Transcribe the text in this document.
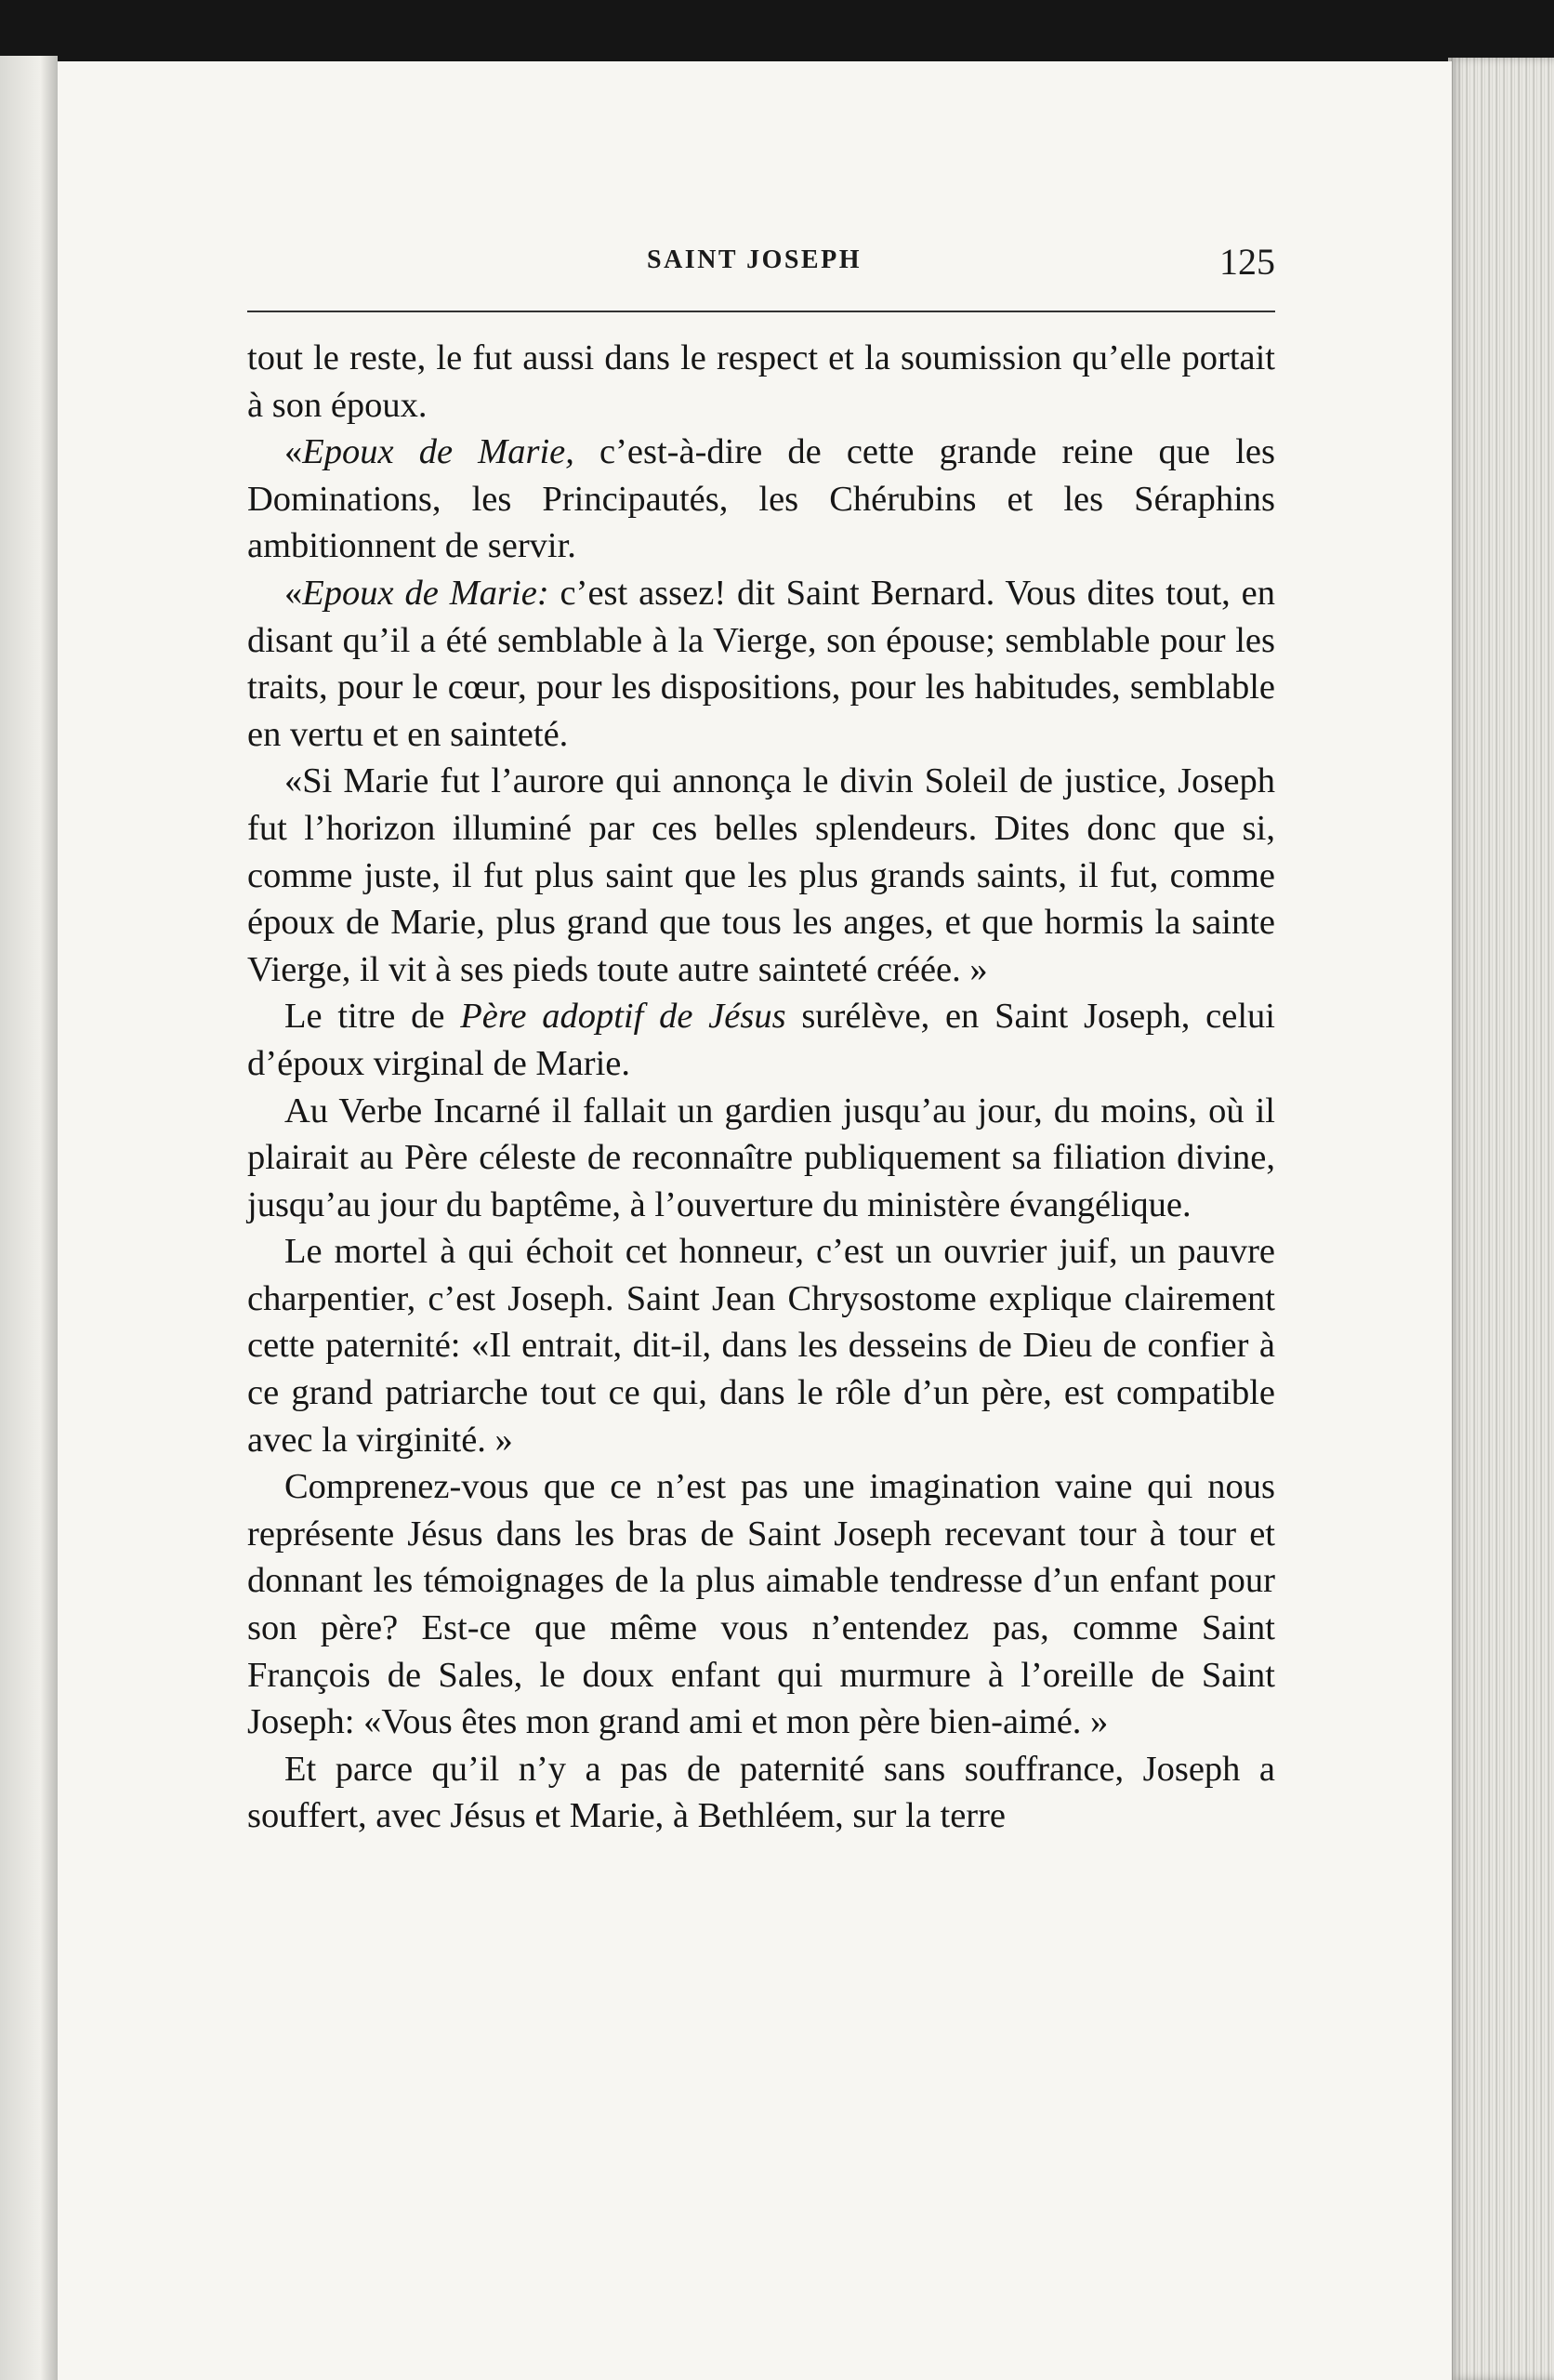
SAINT JOSEPH	125

tout le reste, le fut aussi dans le respect et la soumission qu’elle portait à son époux.

«Epoux de Marie, c’est-à-dire de cette grande reine que les Dominations, les Principautés, les Chérubins et les Séraphins ambitionnent de servir.

«Epoux de Marie: c’est assez! dit Saint Bernard. Vous dites tout, en disant qu’il a été semblable à la Vierge, son épouse; semblable pour les traits, pour le cœur, pour les dispositions, pour les habitudes, semblable en vertu et en sainteté.

«Si Marie fut l’aurore qui annonça le divin Soleil de justice, Joseph fut l’horizon illuminé par ces belles splendeurs. Dites donc que si, comme juste, il fut plus saint que les plus grands saints, il fut, comme époux de Marie, plus grand que tous les anges, et que hormis la sainte Vierge, il vit à ses pieds toute autre sainteté créée. »

Le titre de Père adoptif de Jésus surélève, en Saint Joseph, celui d’époux virginal de Marie.

Au Verbe Incarné il fallait un gardien jusqu’au jour, du moins, où il plairait au Père céleste de reconnaître publiquement sa filiation divine, jusqu’au jour du baptême, à l’ouverture du ministère évangélique.

Le mortel à qui échoit cet honneur, c’est un ouvrier juif, un pauvre charpentier, c’est Joseph. Saint Jean Chrysostome explique clairement cette paternité: «Il entrait, dit-il, dans les desseins de Dieu de confier à ce grand patriarche tout ce qui, dans le rôle d’un père, est compatible avec la virginité. »

Comprenez-vous que ce n’est pas une imagination vaine qui nous représente Jésus dans les bras de Saint Joseph recevant tour à tour et donnant les témoignages de la plus aimable tendresse d’un enfant pour son père? Est-ce que même vous n’entendez pas, comme Saint François de Sales, le doux enfant qui murmure à l’oreille de Saint Joseph: «Vous êtes mon grand ami et mon père bien-aimé. »

Et parce qu’il n’y a pas de paternité sans souffrance, Joseph a souffert, avec Jésus et Marie, à Bethléem, sur la terre
